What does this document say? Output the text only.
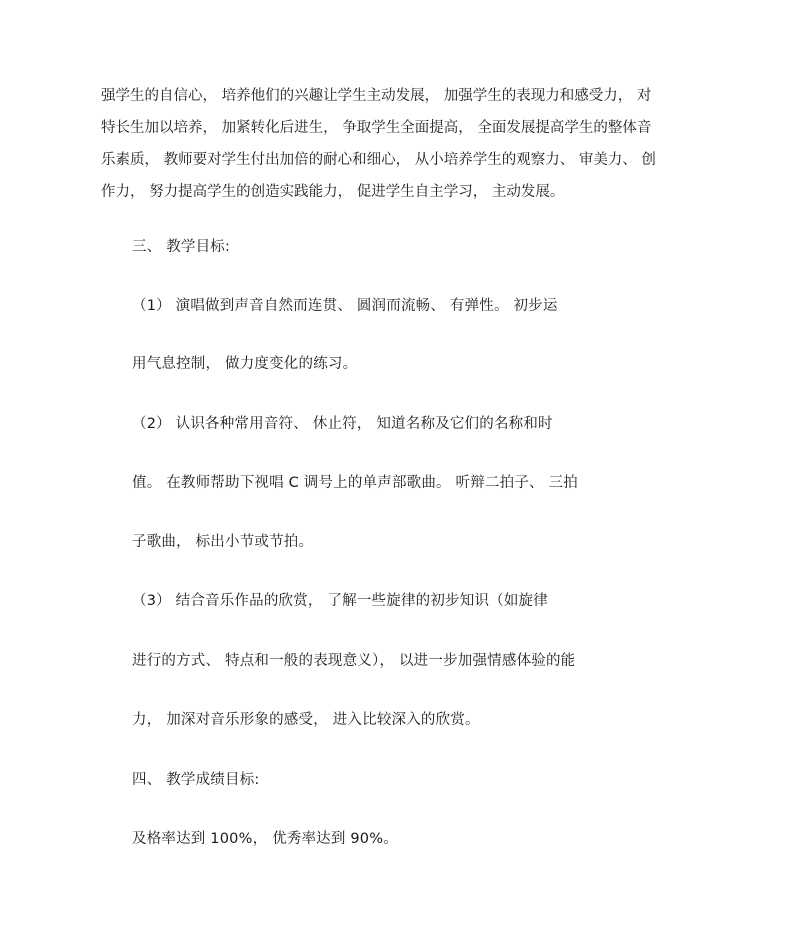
强学生的自信心， 培养他们的兴趣让学生主动发展， 加强学生的表现力和感受力， 对
特长生加以培养， 加紧转化后进生， 争取学生全面提高， 全面发展提高学生的整体音
乐素质， 教师要对学生付出加倍的耐心和细心， 从小培养学生的观察力、 审美力、 创
作力， 努力提高学生的创造实践能力， 促进学生自主学习， 主动发展。
三、 教学目标:
（1） 演唱做到声音自然而连贯、 圆润而流畅、 有弹性。 初步运
用气息控制， 做力度变化的练习。
（2） 认识各种常用音符、 休止符， 知道名称及它们的名称和时
值。 在教师帮助下视唱 C 调号上的单声部歌曲。 听辩二拍子、 三拍
子歌曲， 标出小节或节拍。
（3） 结合音乐作品的欣赏， 了解一些旋律的初步知识（如旋律
进行的方式、 特点和一般的表现意义）， 以进一步加强情感体验的能
力， 加深对音乐形象的感受， 进入比较深入的欣赏。
四、 教学成绩目标:
及格率达到 100%， 优秀率达到 90%。
